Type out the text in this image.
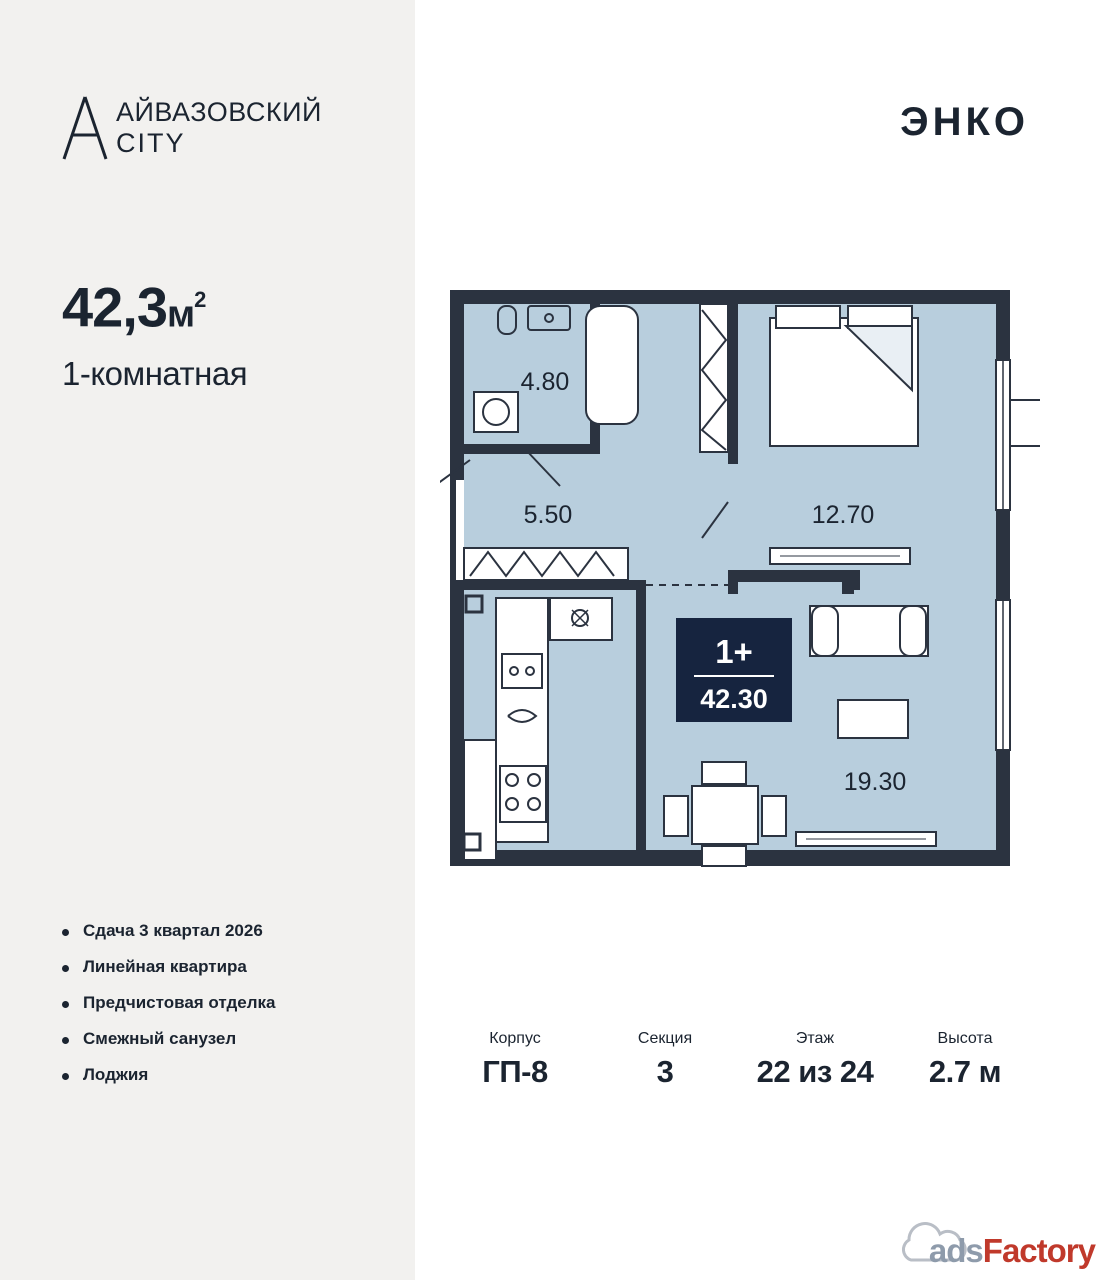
АЙВАЗОВСКИЙ
CITY
$42,3м^2$
1-комнатная
Сдача 3 квартал 2026
Линейная квартира
Предчистовая отделка
Смежный санузел
Лоджия
ЭНКО
4.80
5.50	12.70
19.30
1+
42.30
Корпус
ГП-8
Секция
3
Этаж
22 из 24
Высота
2.7 м
adsFactory
